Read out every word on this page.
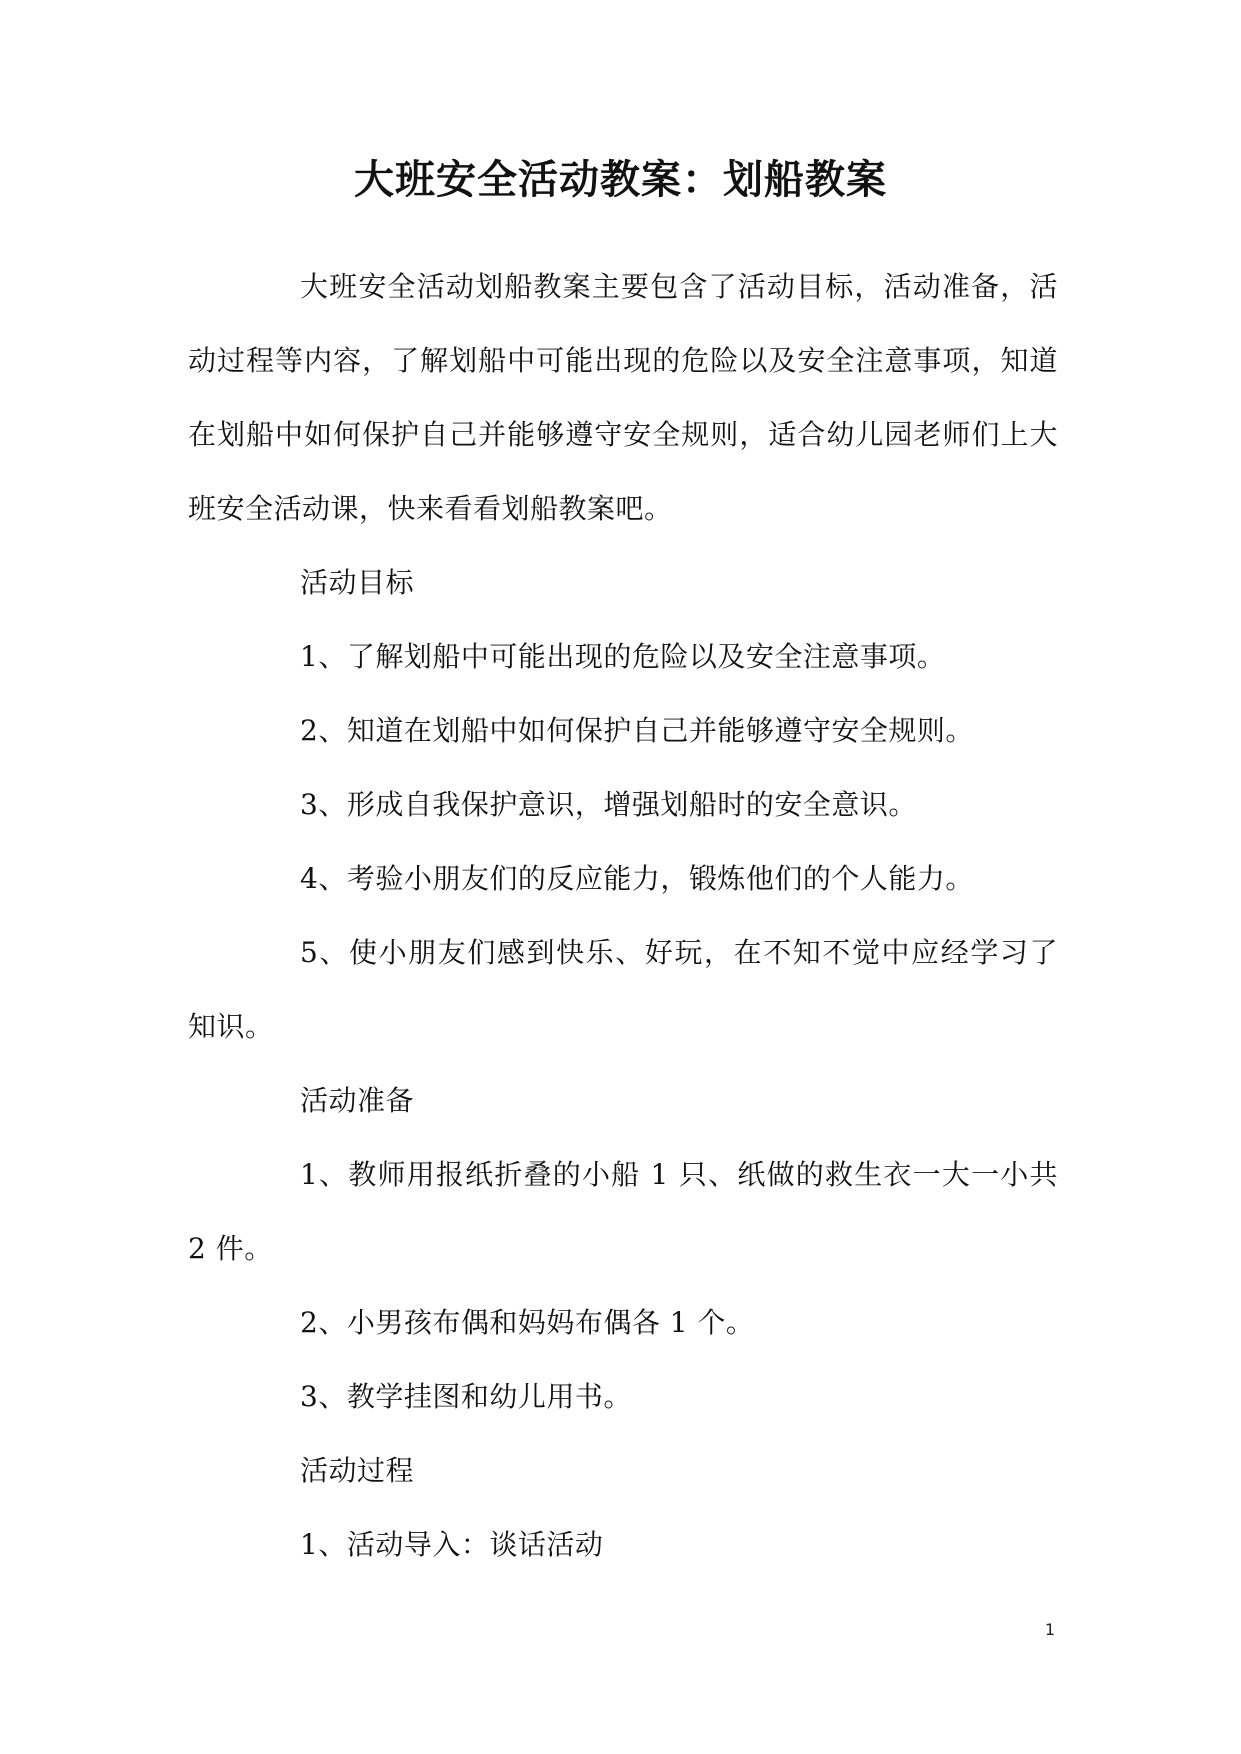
大班安全活动教案：划船教案

大班安全活动划船教案主要包含了活动目标，活动准备，活动过程等内容，了解划船中可能出现的危险以及安全注意事项，知道在划船中如何保护自己并能够遵守安全规则，适合幼儿园老师们上大班安全活动课，快来看看划船教案吧。

活动目标

1、了解划船中可能出现的危险以及安全注意事项。

2、知道在划船中如何保护自己并能够遵守安全规则。

3、形成自我保护意识，增强划船时的安全意识。

4、考验小朋友们的反应能力，锻炼他们的个人能力。

5、使小朋友们感到快乐、好玩，在不知不觉中应经学习了知识。

活动准备

1、教师用报纸折叠的小船 1 只、纸做的救生衣一大一小共 2 件。

2、小男孩布偶和妈妈布偶各 1 个。

3、教学挂图和幼儿用书。

活动过程

1、活动导入：谈话活动

1
